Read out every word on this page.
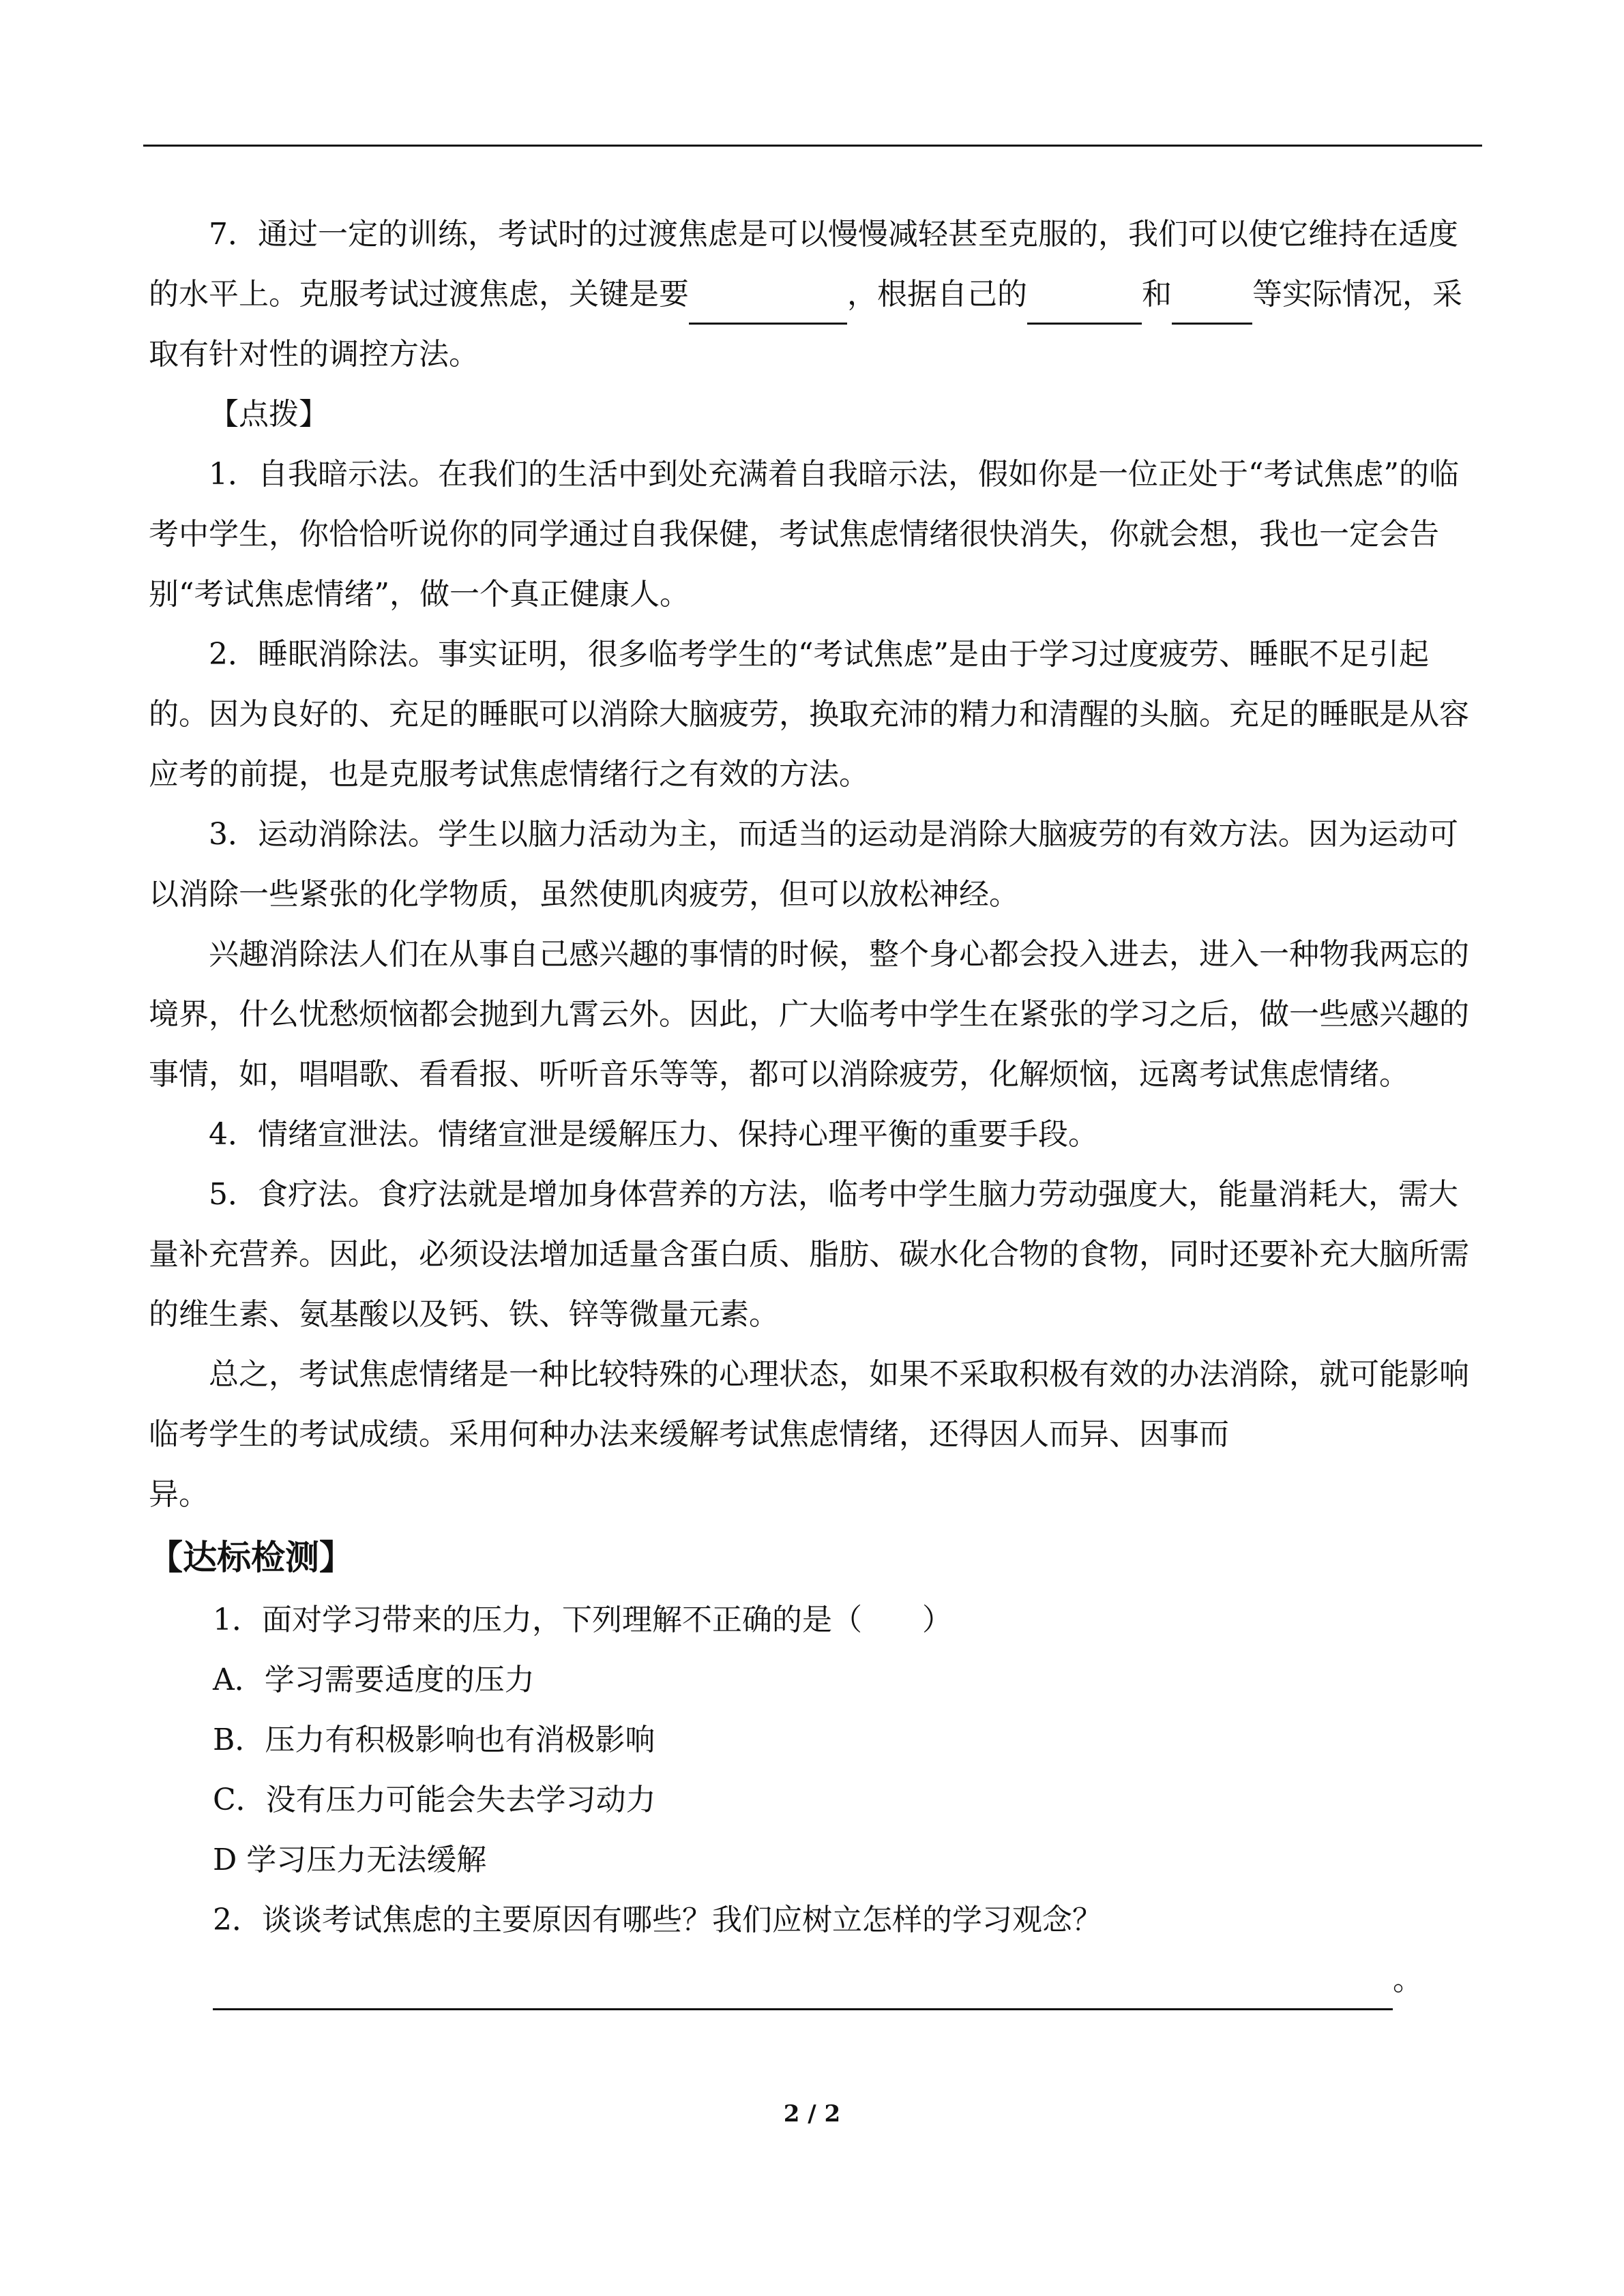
7．通过一定的训练，考试时的过渡焦虑是可以慢慢减轻甚至克服的，我们可以使它维持在适度的水平上。克服考试过渡焦虑，关键是要	，根据自己的	和	等实际情况，采取有针对性的调控方法。

【点拨】

1．自我暗示法。在我们的生活中到处充满着自我暗示法，假如你是一位正处于“考试焦虑”的临考中学生，你恰恰听说你的同学通过自我保健，考试焦虑情绪很快消失，你就会想，我也一定会告别“考试焦虑情绪”，做一个真正健康人。

2．睡眠消除法。事实证明，很多临考学生的“考试焦虑”是由于学习过度疲劳、睡眠不足引起的。因为良好的、充足的睡眠可以消除大脑疲劳，换取充沛的精力和清醒的头脑。充足的睡眠是从容应考的前提，也是克服考试焦虑情绪行之有效的方法。

3．运动消除法。学生以脑力活动为主，而适当的运动是消除大脑疲劳的有效方法。因为运动可以消除一些紧张的化学物质，虽然使肌肉疲劳，但可以放松神经。

兴趣消除法人们在从事自己感兴趣的事情的时候，整个身心都会投入进去，进入一种物我两忘的境界，什么忧愁烦恼都会抛到九霄云外。因此，广大临考中学生在紧张的学习之后，做一些感兴趣的事情，如，唱唱歌、看看报、听听音乐等等，都可以消除疲劳，化解烦恼，远离考试焦虑情绪。

4．情绪宣泄法。情绪宣泄是缓解压力、保持心理平衡的重要手段。

5．食疗法。食疗法就是增加身体营养的方法，临考中学生脑力劳动强度大，能量消耗大，需大量补充营养。因此，必须设法增加适量含蛋白质、脂肪、碳水化合物的食物，同时还要补充大脑所需的维生素、氨基酸以及钙、铁、锌等微量元素。

总之，考试焦虑情绪是一种比较特殊的心理状态，如果不采取积极有效的办法消除，就可能影响临考学生的考试成绩。采用何种办法来缓解考试焦虑情绪，还得因人而异、因事而

异。

【达标检测】

1．面对学习带来的压力，下列理解不正确的是（　　）

A．学习需要适度的压力

B．压力有积极影响也有消极影响

C．没有压力可能会失去学习动力

D 学习压力无法缓解

2．谈谈考试焦虑的主要原因有哪些？我们应树立怎样的学习观念？

。

2 / 2
